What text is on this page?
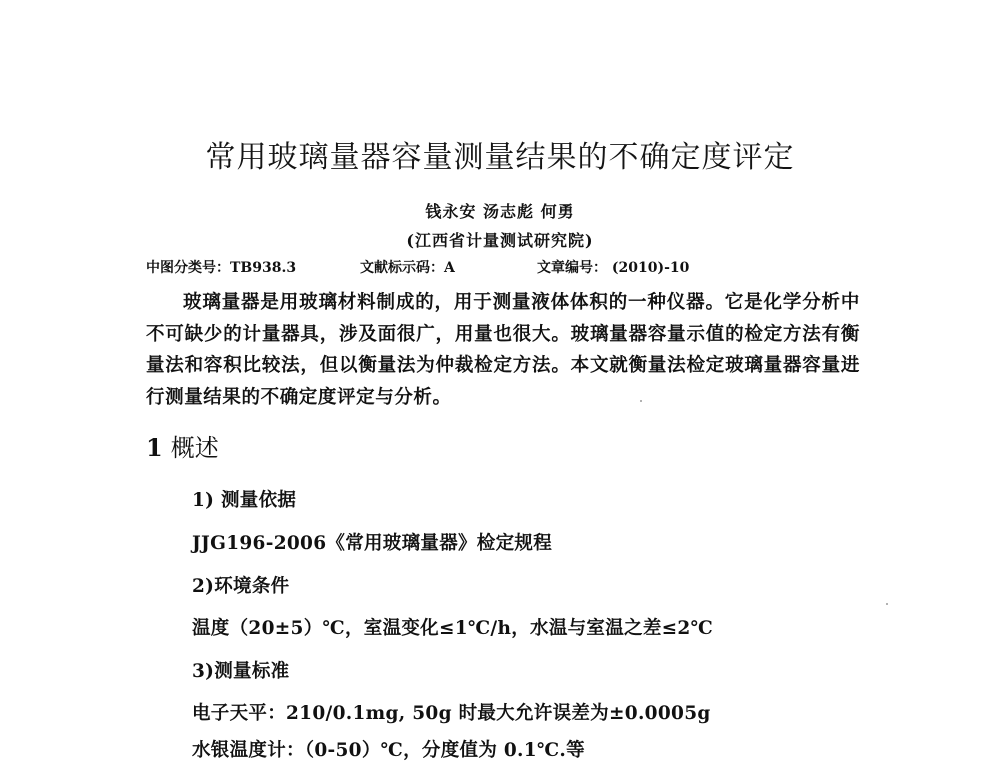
常用玻璃量器容量测量结果的不确定度评定
钱永安 汤志彪 何勇
(江西省计量测试研究院)
中图分类号：TB938.3	文献标示码：A	文章编号： (2010)-10

玻璃量器是用玻璃材料制成的，用于测量液体体积的一种仪器。它是化学分析中不可缺少的计量器具，涉及面很广，用量也很大。玻璃量器容量示值的检定方法有衡量法和容积比较法，但以衡量法为仲裁检定方法。本文就衡量法检定玻璃量器容量进行测量结果的不确定度评定与分析。

1 概述
1) 测量依据
JJG196-2006《常用玻璃量器》检定规程
2)环境条件
温度（20±5）℃，室温变化≤1℃/h，水温与室温之差≤2℃
3)测量标准
电子天平：210/0.1mg, 50g 时最大允许误差为±0.0005g
水银温度计：（0-50）℃，分度值为 0.1℃.等
